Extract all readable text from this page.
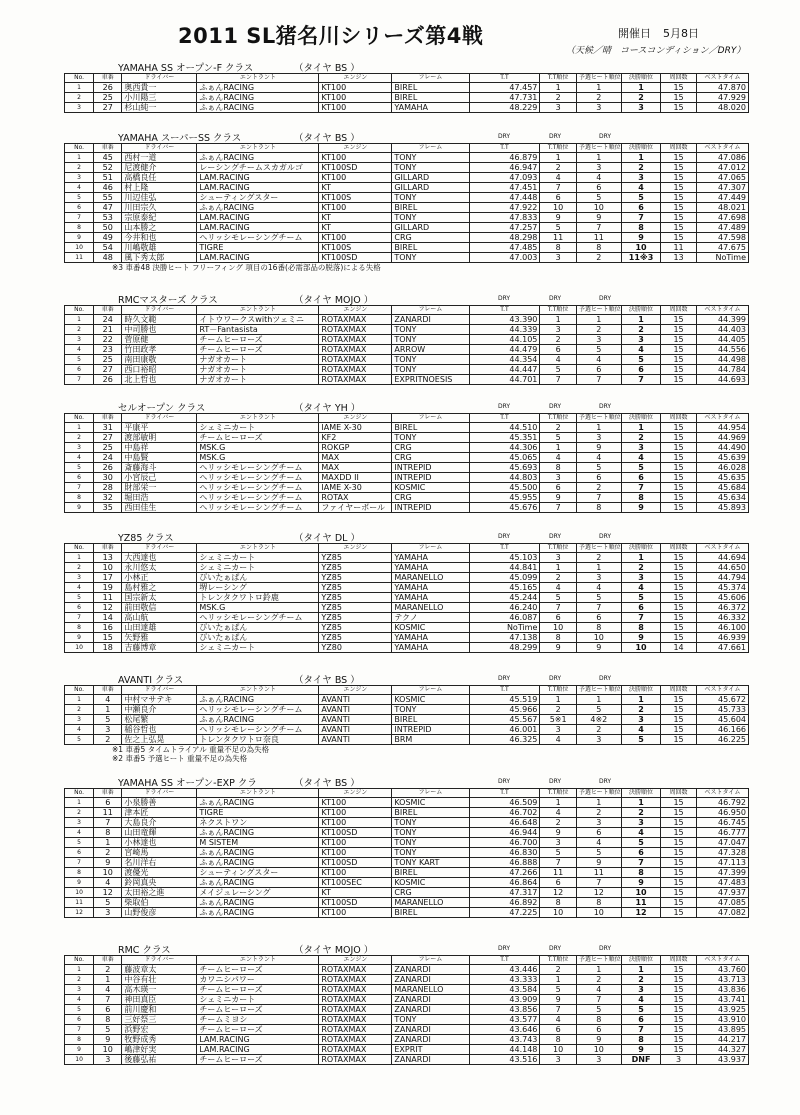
2011 SL猪名川シリーズ第4戦	開催日 5月8日
（天候／晴　コースコンディション／DRY）
YAMAHA SS オープン-F クラス	（タイヤ BS ）
No.	車番	ドライバー	エントラント	エンジン	フレーム	T.T	T.T順位	予選ヒート順位	決勝順位	周回数	ベストタイム
1	26	奥西貴一	ふぁんRACING	KT100	BIREL	47.457	1	1	1	15	47.870
2	25	小川陽三	ふぁんRACING	KT100	BIREL	47.731	2	2	2	15	47.929
3	27	杉山純一	ふぁんRACING	KT100	YAMAHA	48.229	3	3	3	15	48.020
YAMAHA スーパーSS クラス	（タイヤ BS ）	DRY	DRY	DRY
No.	車番	ドライバー	エントラント	エンジン	フレーム	T.T	T.T順位	予選ヒート順位	決勝順位	周回数	ベストタイム
1	45	西村一道	ふぁんRACING	KT100	TONY	46.879	1	1	1	15	47.086
2	52	尼渡健介	レーシングチームスカガルゴ	KT100SD	TONY	46.947	2	3	2	15	47.012
3	51	高橋良任	LAM.RACING	KT100	GILLARD	47.093	4	4	3	15	47.065
4	46	村上隆	LAM.RACING	KT	GILLARD	47.451	7	6	4	15	47.307
5	55	川辺佳弘	シューティングスター	KT100S	TONY	47.448	6	5	5	15	47.449
6	47	川田宗久	ふぁんRACING	KT100	BIREL	47.922	10	10	6	15	48.021
7	53	宗原泰紀	LAM.RACING	KT	TONY	47.833	9	9	7	15	47.698
8	50	山本勝之	LAM.RACING	KT	GILLARD	47.257	5	7	8	15	47.489
9	49	今井和也	ヘリッシモレーシングチーム	KT100	CRG	48.298	11	11	9	15	47.598
10	54	川嶋敬雄	TIGRE	KT100S	BIREL	47.485	8	8	10	11	47.675
11	48	風下秀太郎	LAM.RACING	KT100SD	TONY	47.003	3	2	11※3	13	NoTime
※3 車番48 決勝ヒート フリーフィング 項目の16番(必需部品の脱落)による失格
RMCマスターズ クラス	（タイヤ MOJO ）	DRY	DRY	DRY
No.	車番	ドライバー	エントラント	エンジン	フレーム	T.T	T.T順位	予選ヒート順位	決勝順位	周回数	ベストタイム
1	24	時久文範	イトウワークスwithツェミニ	ROTAXMAX	ZANARDI	43.390	1	1	1	15	44.399
2	21	中司勝也	RT－Fantasista	ROTAXMAX	TONY	44.339	3	2	2	15	44.403
3	22	菅原健	チームヒーローズ	ROTAXMAX	TONY	44.105	2	3	3	15	44.405
4	23	竹田政孝	チームヒーローズ	ROTAXMAX	ARROW	44.479	6	5	4	15	44.556
5	25	南田康敬	ナガオカート	ROTAXMAX	TONY	44.354	4	4	5	15	44.498
6	27	西口裕昭	ナガオカート	ROTAXMAX	TONY	44.447	5	6	6	15	44.784
7	26	北上哲也	ナガオカート	ROTAXMAX	EXPRITNOESIS	44.701	7	7	7	15	44.693
セルオープン クラス	（タイヤ YH ）	DRY	DRY	DRY
No.	車番	ドライバー	エントラント	エンジン	フレーム	T.T	T.T順位	予選ヒート順位	決勝順位	周回数	ベストタイム
1	31	平康平	シェミニカート	IAME X-30	BIREL	44.510	2	1	1	15	44.954
2	27	渡部敏明	チームヒーローズ	KF2	TONY	45.351	5	3	2	15	44.969
3	25	中島祥	MSK.G	ROKGP	CRG	44.306	1	9	3	15	44.490
4	24	中島賢	MSK.G	MAX	CRG	45.065	4	4	4	15	45.639
5	26	斎藤海斗	ヘリッシモレーシングチーム	MAX	INTREPID	45.693	8	5	5	15	46.028
6	30	小宮辰己	ヘリッシモレーシングチーム	MAXDD II	INTREPID	44.803	3	6	6	15	45.635
7	28	財部栄一	ヘリッシモレーシングチーム	IAME X-30	KOSMIC	45.500	6	2	7	15	45.684
8	32	堀田浩	ヘリッシモレーシングチーム	ROTAX	CRG	45.955	9	7	8	15	45.634
9	35	西田佳生	ヘリッシモレーシングチーム	ファイヤーボール	INTREPID	45.676	7	8	9	15	45.893
YZ85 クラス	（タイヤ DL ）	DRY	DRY	DRY
No.	車番	ドライバー	エントラント	エンジン	フレーム	T.T	T.T順位	予選ヒート順位	決勝順位	周回数	ベストタイム
1	13	大西達也	シェミニカート	YZ85	YAMAHA	45.103	3	2	1	15	44.694
2	10	永川悠太	シェミニカート	YZ85	YAMAHA	44.841	1	1	2	15	44.650
3	17	小林正	びいたぁぱん	YZ85	MARANELLO	45.099	2	3	3	15	44.794
4	19	島村雅之	堺レーシング	YZ85	YAMAHA	45.165	4	4	4	15	45.374
5	11	国宗新太	トレンタクワトロ鈴鹿	YZ85	YAMAHA	45.244	5	5	5	15	45.606
6	12	前田敬信	MSK.G	YZ85	MARANELLO	46.240	7	7	6	15	46.372
7	14	高山航	ヘリッシモレーシングチーム	YZ85	テクノ	46.087	6	6	7	15	46.332
8	16	山田達雄	びいたぁぱん	YZ85	KOSMIC	NoTime	10	8	8	15	46.100
9	15	矢野雅	びいたぁぱん	YZ85	YAMAHA	47.138	8	10	9	15	46.939
10	18	吉藤博章	シェミニカート	YZ80	YAMAHA	48.299	9	9	10	14	47.661
AVANTI クラス	（タイヤ BS ）	DRY	DRY	DRY
No.	車番	ドライバー	エントラント	エンジン	フレーム	T.T	T.T順位	予選ヒート順位	決勝順位	周回数	ベストタイム
1	4	中村マサテキ	ふぁんRACING	AVANTI	KOSMIC	45.519	1	1	1	15	45.672
2	1	中瀬良介	ヘリッシモレーシングチーム	AVANTI	TONY	45.966	2	5	2	15	45.733
3	5	松尾繁	ふぁんRACING	AVANTI	BIREL	45.567	5※1	4※2	3	15	45.604
4	3	稲谷哲也	ヘリッシモレーシングチーム	AVANTI	INTREPID	46.001	3	2	4	15	46.166
5	2	佐之上弘晃	トレンタクワトロ奈良	AVANTI	BRM	46.325	4	3	5	15	46.225
※1 車番5 タイムトライアル 重量不足の為失格
※2 車番5 予選ヒート 重量不足の為失格
YAMAHA SS オープン-EXP クラ	（タイヤ BS ）	DRY	DRY	DRY
No.	車番	ドライバー	エントラント	エンジン	フレーム	T.T	T.T順位	予選ヒート順位	決勝順位	周回数	ベストタイム
1	6	小泉勝善	ふぁんRACING	KT100	KOSMIC	46.509	1	1	1	15	46.792
2	11	津本匠	TIGRE	KT100	BIREL	46.702	4	2	2	15	46.950
3	7	大島良介	ネクストワン	KT100	TONY	46.648	2	3	3	15	46.745
4	8	山田竜輝	ふぁんRACING	KT100SD	TONY	46.944	9	6	4	15	46.777
5	1	小林達也	M SISTEM	KT100	TONY	46.700	3	4	5	15	47.047
6	2	宮崎馬	ふぁんRACING	KT100	TONY	46.830	5	5	6	15	47.328
7	9	名川洋右	ふぁんRACING	KT100SD	TONY KART	46.888	7	9	7	15	47.113
8	10	渡優光	シューティングスター	KT100	BIREL	47.266	11	11	8	15	47.399
9	4	鈴岡真央	ふぁんRACING	KT100SEC	KOSMIC	46.864	6	7	9	15	47.483
10	12	太田裕之進	メイジュレーシング	KT	CRG	47.317	12	12	10	15	47.937
11	5	柴取伯	ふぁんRACING	KT100SD	MARANELLO	46.892	8	8	11	15	47.085
12	3	山野俊彦	ふぁんRACING	KT100	BIREL	47.225	10	10	12	15	47.082
RMC クラス	（タイヤ MOJO ）	DRY	DRY	DRY
No.	車番	ドライバー	エントラント	エンジン	フレーム	T.T	T.T順位	予選ヒート順位	決勝順位	周回数	ベストタイム
1	2	藤波章太	チームヒーローズ	ROTAXMAX	ZANARDI	43.446	2	1	1	15	43.760
2	1	中谷有壮	カワニシパワー	ROTAXMAX	ZANARDI	43.333	1	2	2	15	43.713
3	4	高木瑛一	チームヒーローズ	ROTAXMAX	MARANELLO	43.584	5	4	3	15	43.836
4	7	神田真臣	シェミニカート	ROTAXMAX	ZANARDI	43.909	9	7	4	15	43.741
5	6	前川慶和	チームヒーローズ	ROTAXMAX	ZANARDI	43.856	7	5	5	15	43.925
6	8	三好祭三	チームミヨシ	ROTAXMAX	TONY	43.577	4	8	6	15	43.910
7	5	浜野宏	チームヒーローズ	ROTAXMAX	ZANARDI	43.646	6	6	7	15	43.895
8	9	牧野成秀	LAM.RACING	ROTAXMAX	ZANARDI	43.743	8	9	8	15	44.217
9	10	嶋津好実	LAM.RACING	ROTAXMAX	EXPRIT	44.148	10	10	9	15	44.327
10	3	後藤弘祐	チームヒーローズ	ROTAXMAX	ZANARDI	43.516	3	3	DNF	3	43.937
